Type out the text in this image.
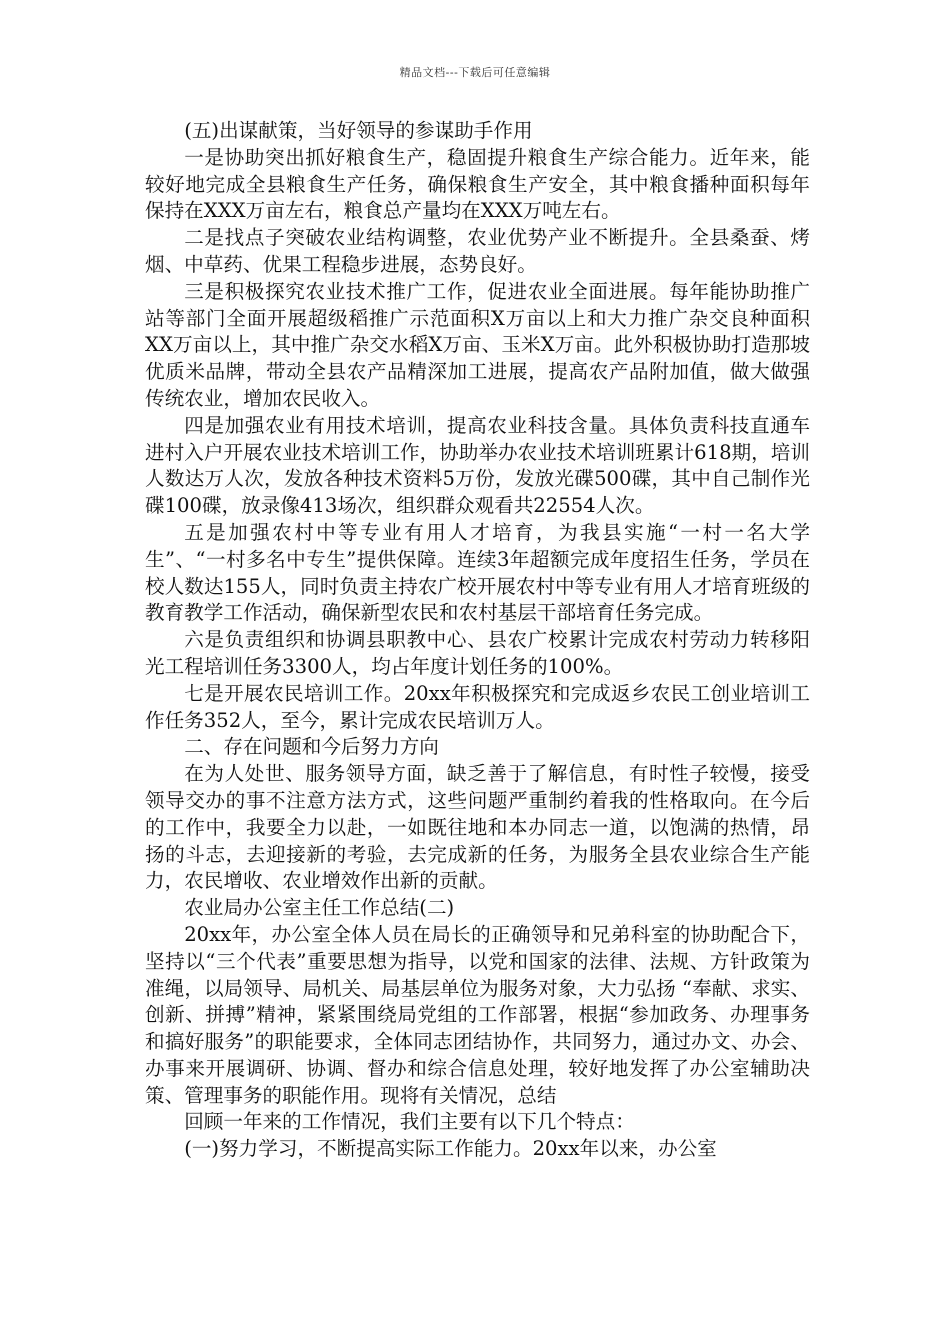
精品文档---下载后可任意编辑

(五)出谋献策，当好领导的参谋助手作用

一是协助突出抓好粮食生产，稳固提升粮食生产综合能力。近年来，能较好地完成全县粮食生产任务，确保粮食生产安全，其中粮食播种面积每年保持在XXX万亩左右，粮食总产量均在XXX万吨左右。

二是找点子突破农业结构调整，农业优势产业不断提升。全县桑蚕、烤烟、中草药、优果工程稳步进展，态势良好。

三是积极探究农业技术推广工作，促进农业全面进展。每年能协助推广站等部门全面开展超级稻推广示范面积X万亩以上和大力推广杂交良种面积XX万亩以上，其中推广杂交水稻X万亩、玉米X万亩。此外积极协助打造那坡优质米品牌，带动全县农产品精深加工进展，提高农产品附加值，做大做强传统农业，增加农民收入。

四是加强农业有用技术培训，提高农业科技含量。具体负责科技直通车进村入户开展农业技术培训工作，协助举办农业技术培训班累计618期，培训人数达万人次，发放各种技术资料5万份，发放光碟500碟，其中自己制作光碟100碟，放录像413场次，组织群众观看共22554人次。

五是加强农村中等专业有用人才培育，为我县实施“一村一名大学生”、“一村多名中专生”提供保障。连续3年超额完成年度招生任务，学员在校人数达155人，同时负责主持农广校开展农村中等专业有用人才培育班级的教育教学工作活动，确保新型农民和农村基层干部培育任务完成。

六是负责组织和协调县职教中心、县农广校累计完成农村劳动力转移阳光工程培训任务3300人，均占年度计划任务的100%。

七是开展农民培训工作。20xx年积极探究和完成返乡农民工创业培训工作任务352人，至今，累计完成农民培训万人。

二、存在问题和今后努力方向

在为人处世、服务领导方面，缺乏善于了解信息，有时性子较慢，接受领导交办的事不注意方法方式，这些问题严重制约着我的性格取向。在今后的工作中，我要全力以赴，一如既往地和本办同志一道，以饱满的热情，昂扬的斗志，去迎接新的考验，去完成新的任务，为服务全县农业综合生产能力，农民增收、农业增效作出新的贡献。

农业局办公室主任工作总结(二)

20xx年，办公室全体人员在局长的正确领导和兄弟科室的协助配合下，坚持以“三个代表”重要思想为指导，以党和国家的法律、法规、方针政策为准绳，以局领导、局机关、局基层单位为服务对象，大力弘扬 “奉献、求实、创新、拼搏”精神，紧紧围绕局党组的工作部署，根据“参加政务、办理事务和搞好服务”的职能要求，全体同志团结协作，共同努力，通过办文、办会、办事来开展调研、协调、督办和综合信息处理，较好地发挥了办公室辅助决策、管理事务的职能作用。现将有关情况，总结

回顾一年来的工作情况，我们主要有以下几个特点：

(一)努力学习，不断提高实际工作能力。20xx年以来，办公室
